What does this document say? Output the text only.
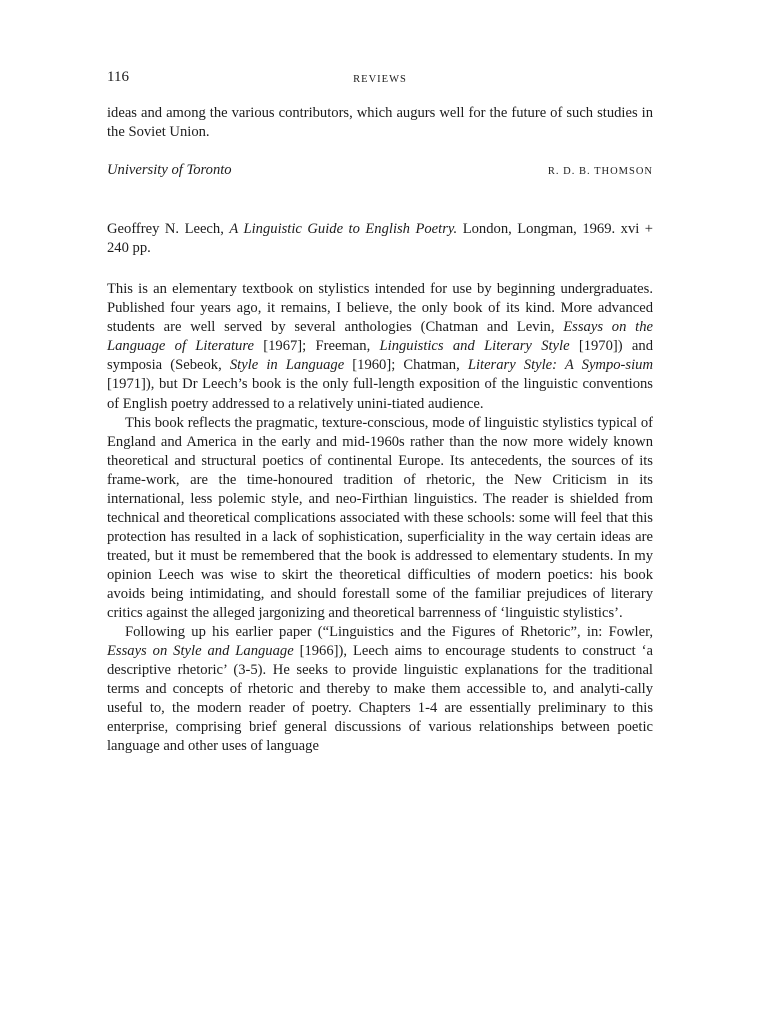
116	REVIEWS

ideas and among the various contributors, which augurs well for the future of such studies in the Soviet Union.

University of Toronto	R. D. B. THOMSON

Geoffrey N. Leech, A Linguistic Guide to English Poetry. London, Longman, 1969. xvi + 240 pp.

This is an elementary textbook on stylistics intended for use by beginning undergraduates. Published four years ago, it remains, I believe, the only book of its kind. More advanced students are well served by several anthologies (Chatman and Levin, Essays on the Language of Literature [1967]; Freeman, Linguistics and Literary Style [1970]) and symposia (Sebeok, Style in Language [1960]; Chatman, Literary Style: A Sympo-sium [1971]), but Dr Leech’s book is the only full-length exposition of the linguistic conventions of English poetry addressed to a relatively unini-tiated audience.

This book reflects the pragmatic, texture-conscious, mode of linguistic stylistics typical of England and America in the early and mid-1960s rather than the now more widely known theoretical and structural poetics of continental Europe. Its antecedents, the sources of its frame-work, are the time-honoured tradition of rhetoric, the New Criticism in its international, less polemic style, and neo-Firthian linguistics. The reader is shielded from technical and theoretical complications associated with these schools: some will feel that this protection has resulted in a lack of sophistication, superficiality in the way certain ideas are treated, but it must be remembered that the book is addressed to elementary students. In my opinion Leech was wise to skirt the theoretical difficulties of modern poetics: his book avoids being intimidating, and should forestall some of the familiar prejudices of literary critics against the alleged jargonizing and theoretical barrenness of ‘linguistic stylistics’.

Following up his earlier paper (“Linguistics and the Figures of Rhetoric”, in: Fowler, Essays on Style and Language [1966]), Leech aims to encourage students to construct ‘a descriptive rhetoric’ (3-5). He seeks to provide linguistic explanations for the traditional terms and concepts of rhetoric and thereby to make them accessible to, and analyti-cally useful to, the modern reader of poetry. Chapters 1-4 are essentially preliminary to this enterprise, comprising brief general discussions of various relationships between poetic language and other uses of language
